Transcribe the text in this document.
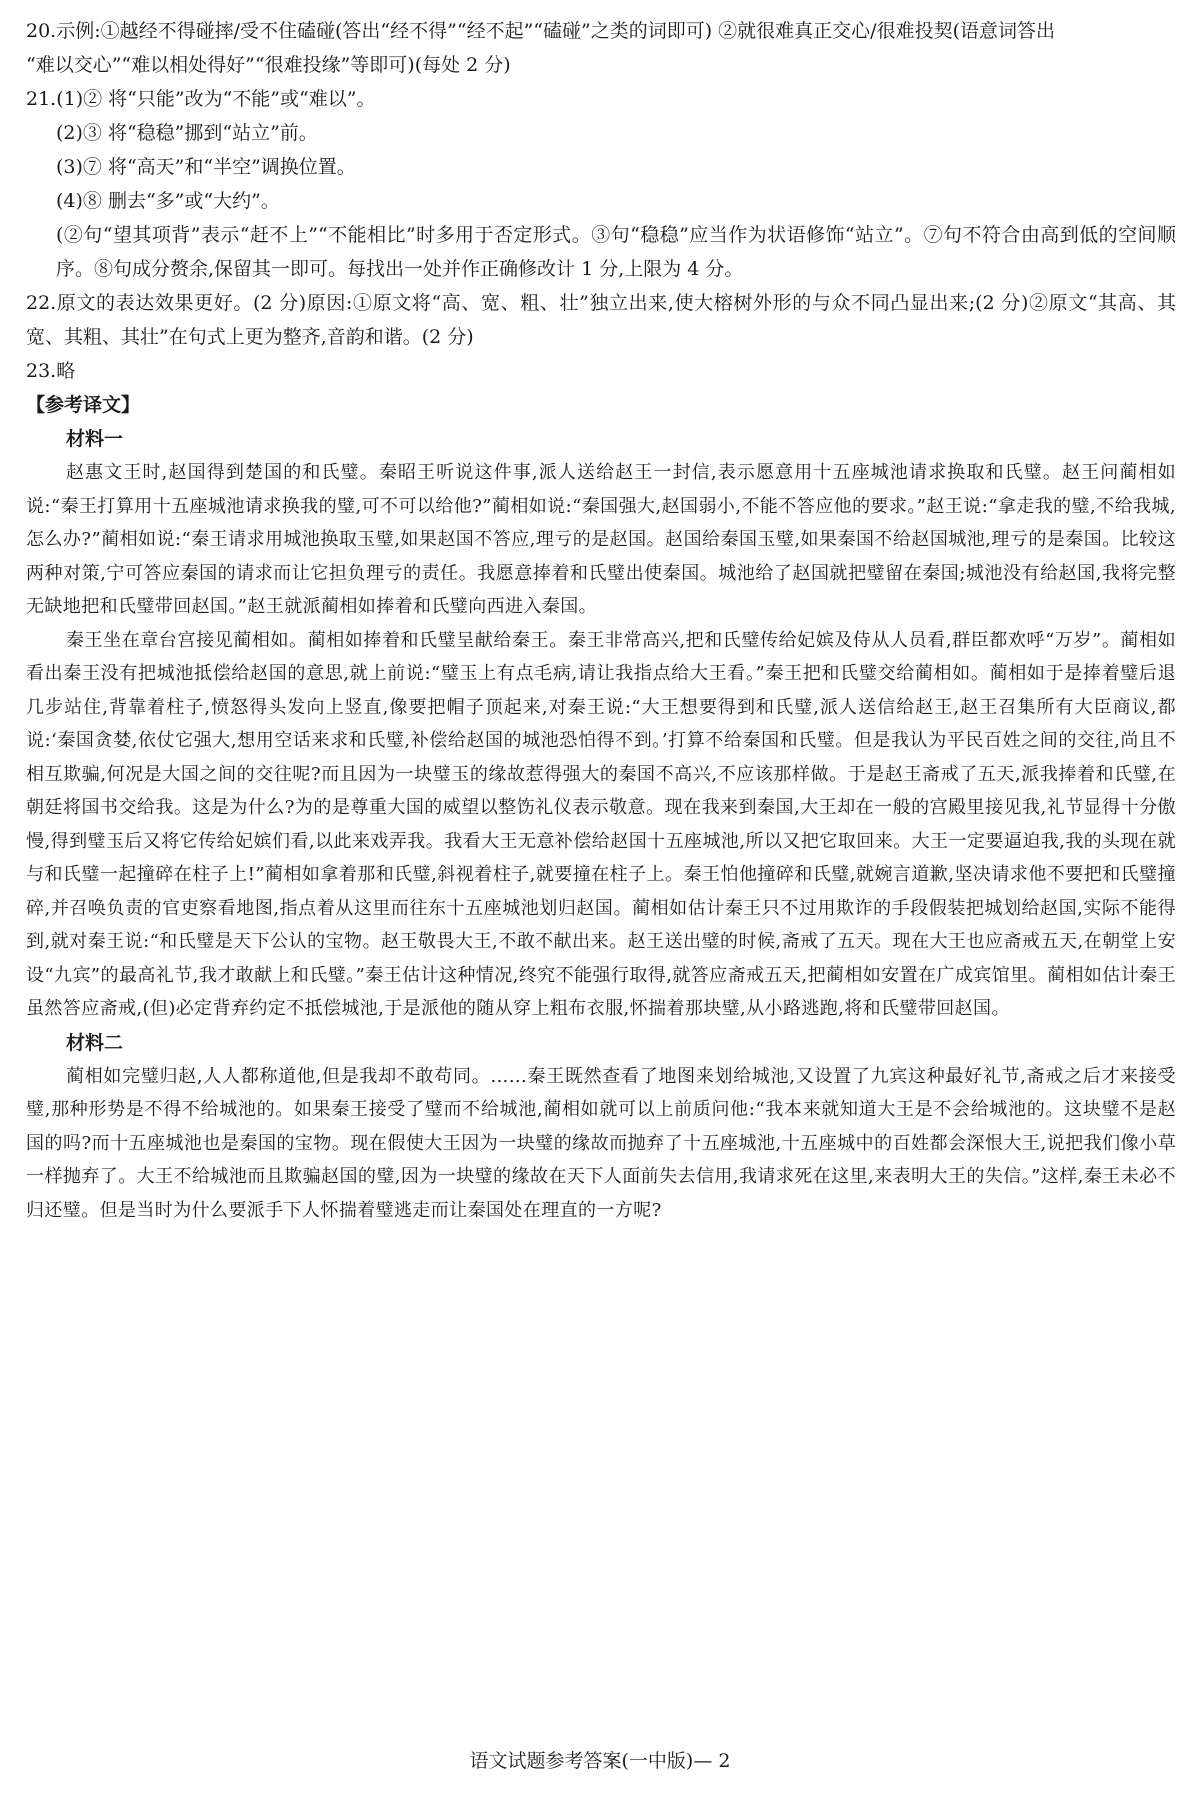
20.示例:①越经不得碰摔/受不住磕碰(答出“经不得”“经不起”“磕碰”之类的词即可) ②就很难真正交心/很难投契(语意词答出

“难以交心”“难以相处得好”“很难投缘”等即可)(每处 2 分)

21.(1)② 将“只能”改为“不能”或“难以”。

(2)③ 将“稳稳”挪到“站立”前。

(3)⑦ 将“高天”和“半空”调换位置。

(4)⑧ 删去“多”或“大约”。

(②句“望其项背”表示“赶不上”“不能相比”时多用于否定形式。③句“稳稳”应当作为状语修饰“站立”。⑦句不符合由高到低的空间顺序。⑧句成分赘余,保留其一即可。每找出一处并作正确修改计 1 分,上限为 4 分。

22.原文的表达效果更好。(2 分)原因:①原文将“高、宽、粗、壮”独立出来,使大榕树外形的与众不同凸显出来;(2 分)②原文“其高、其宽、其粗、其壮”在句式上更为整齐,音韵和谐。(2 分)

23.略

【参考译文】

材料一

赵惠文王时,赵国得到楚国的和氏璧。秦昭王听说这件事,派人送给赵王一封信,表示愿意用十五座城池请求换取和氏璧。赵王问蔺相如说:“秦王打算用十五座城池请求换我的璧,可不可以给他?”蔺相如说:“秦国强大,赵国弱小,不能不答应他的要求。”赵王说:“拿走我的璧,不给我城,怎么办?”蔺相如说:“秦王请求用城池换取玉璧,如果赵国不答应,理亏的是赵国。赵国给秦国玉璧,如果秦国不给赵国城池,理亏的是秦国。比较这两种对策,宁可答应秦国的请求而让它担负理亏的责任。我愿意捧着和氏璧出使秦国。城池给了赵国就把璧留在秦国;城池没有给赵国,我将完整无缺地把和氏璧带回赵国。”赵王就派蔺相如捧着和氏璧向西进入秦国。

秦王坐在章台宫接见蔺相如。蔺相如捧着和氏璧呈献给秦王。秦王非常高兴,把和氏璧传给妃嫔及侍从人员看,群臣都欢呼“万岁”。蔺相如看出秦王没有把城池抵偿给赵国的意思,就上前说:“璧玉上有点毛病,请让我指点给大王看。”秦王把和氏璧交给蔺相如。蔺相如于是捧着璧后退几步站住,背靠着柱子,愤怒得头发向上竖直,像要把帽子顶起来,对秦王说:“大王想要得到和氏璧,派人送信给赵王,赵王召集所有大臣商议,都说:‘秦国贪婪,依仗它强大,想用空话来求和氏璧,补偿给赵国的城池恐怕得不到。’打算不给秦国和氏璧。但是我认为平民百姓之间的交往,尚且不相互欺骗,何况是大国之间的交往呢?而且因为一块璧玉的缘故惹得强大的秦国不高兴,不应该那样做。于是赵王斋戒了五天,派我捧着和氏璧,在朝廷将国书交给我。这是为什么?为的是尊重大国的威望以整饬礼仪表示敬意。现在我来到秦国,大王却在一般的宫殿里接见我,礼节显得十分傲慢,得到璧玉后又将它传给妃嫔们看,以此来戏弄我。我看大王无意补偿给赵国十五座城池,所以又把它取回来。大王一定要逼迫我,我的头现在就与和氏璧一起撞碎在柱子上!”蔺相如拿着那和氏璧,斜视着柱子,就要撞在柱子上。秦王怕他撞碎和氏璧,就婉言道歉,坚决请求他不要把和氏璧撞碎,并召唤负责的官吏察看地图,指点着从这里而往东十五座城池划归赵国。蔺相如估计秦王只不过用欺诈的手段假装把城划给赵国,实际不能得到,就对秦王说:“和氏璧是天下公认的宝物。赵王敬畏大王,不敢不献出来。赵王送出璧的时候,斋戒了五天。现在大王也应斋戒五天,在朝堂上安设“九宾”的最高礼节,我才敢献上和氏璧。”秦王估计这种情况,终究不能强行取得,就答应斋戒五天,把蔺相如安置在广成宾馆里。蔺相如估计秦王虽然答应斋戒,(但)必定背弃约定不抵偿城池,于是派他的随从穿上粗布衣服,怀揣着那块璧,从小路逃跑,将和氏璧带回赵国。

材料二

蔺相如完璧归赵,人人都称道他,但是我却不敢苟同。……秦王既然查看了地图来划给城池,又设置了九宾这种最好礼节,斋戒之后才来接受璧,那种形势是不得不给城池的。如果秦王接受了璧而不给城池,蔺相如就可以上前质问他:“我本来就知道大王是不会给城池的。这块璧不是赵国的吗?而十五座城池也是秦国的宝物。现在假使大王因为一块璧的缘故而抛弃了十五座城池,十五座城中的百姓都会深恨大王,说把我们像小草一样抛弃了。大王不给城池而且欺骗赵国的璧,因为一块璧的缘故在天下人面前失去信用,我请求死在这里,来表明大王的失信。”这样,秦王未必不归还璧。但是当时为什么要派手下人怀揣着璧逃走而让秦国处在理直的一方呢?

语文试题参考答案(一中版)— 2
